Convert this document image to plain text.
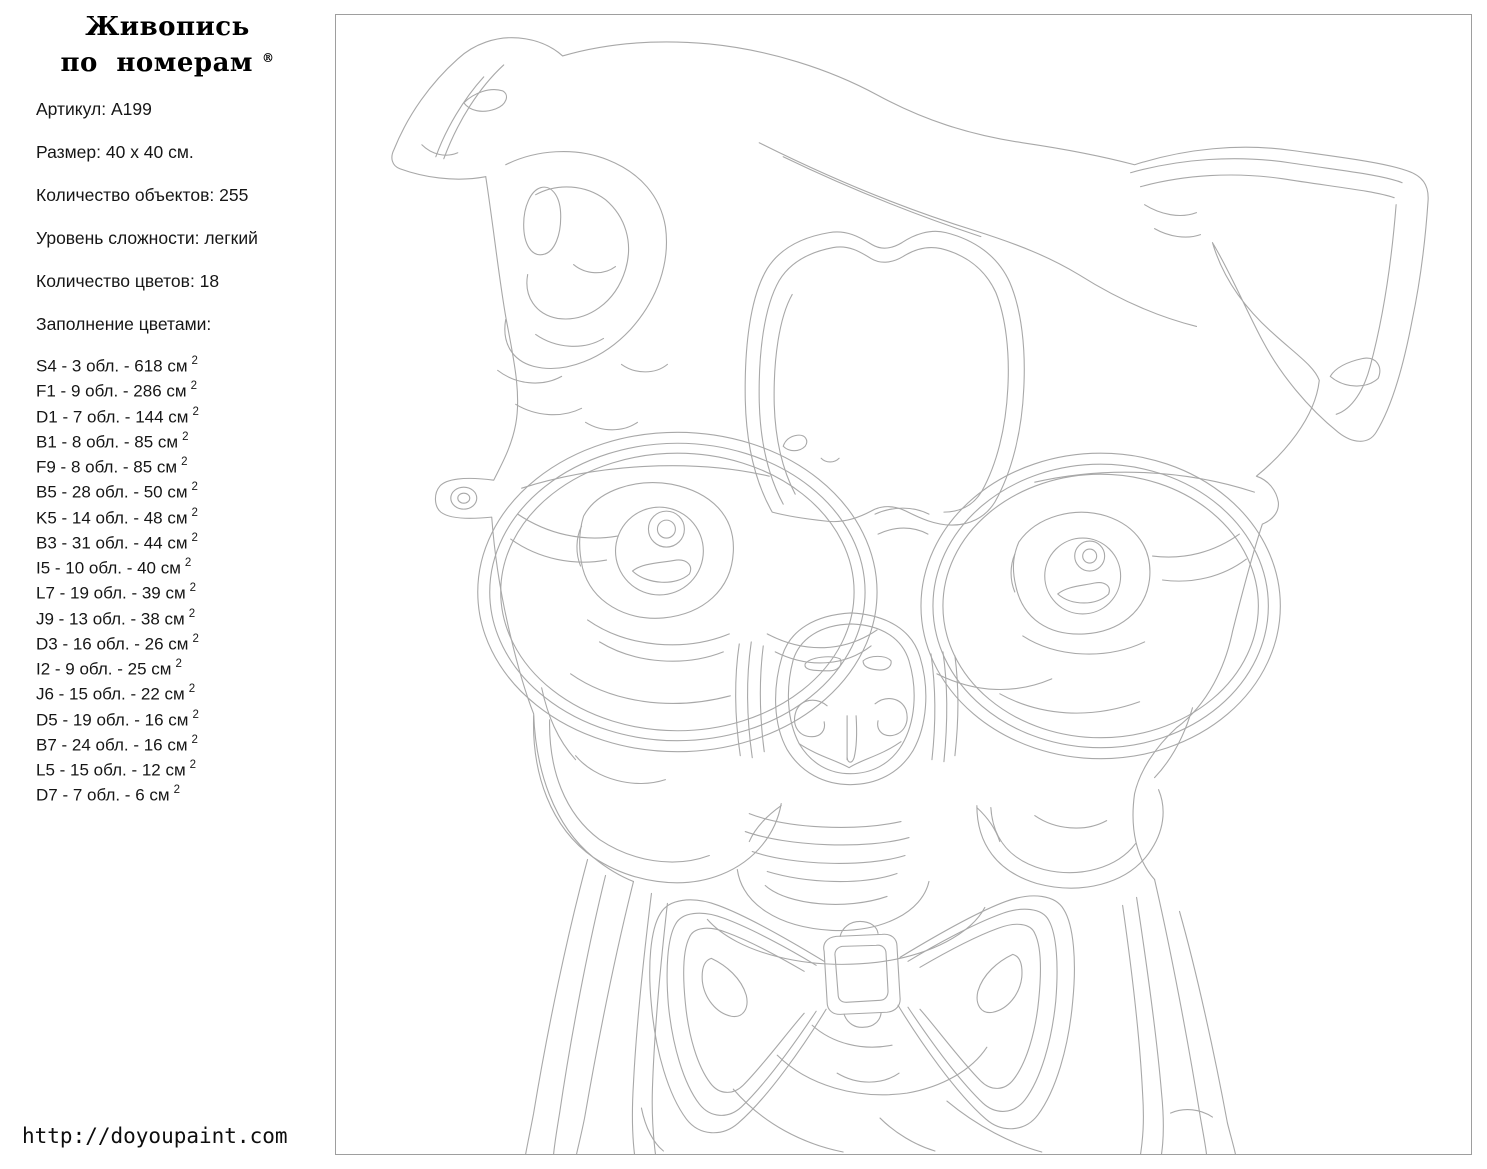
Живопись
по номерам ®

Артикул: A199

Размер: 40 х 40 см.

Количество объектов: 255

Уровень сложности: легкий

Количество цветов: 18

Заполнение цветами:

S4 - 3 обл. - 618 см $^2$
F1 - 9 обл. - 286 см $^2$
D1 - 7 обл. - 144 см $^2$
B1 - 8 обл. - 85 см $^2$
F9 - 8 обл. - 85 см $^2$
B5 - 28 обл. - 50 см $^2$
K5 - 14 обл. - 48 см $^2$
B3 - 31 обл. - 44 см $^2$
I5 - 10 обл. - 40 см $^2$
L7 - 19 обл. - 39 см $^2$
J9 - 13 обл. - 38 см $^2$
D3 - 16 обл. - 26 см $^2$
I2 - 9 обл. - 25 см $^2$
J6 - 15 обл. - 22 см $^2$
D5 - 19 обл. - 16 см $^2$
B7 - 24 обл. - 16 см $^2$
L5 - 15 обл. - 12 см $^2$
D7 - 7 обл. - 6 см $^2$
http://doyoupaint.com
